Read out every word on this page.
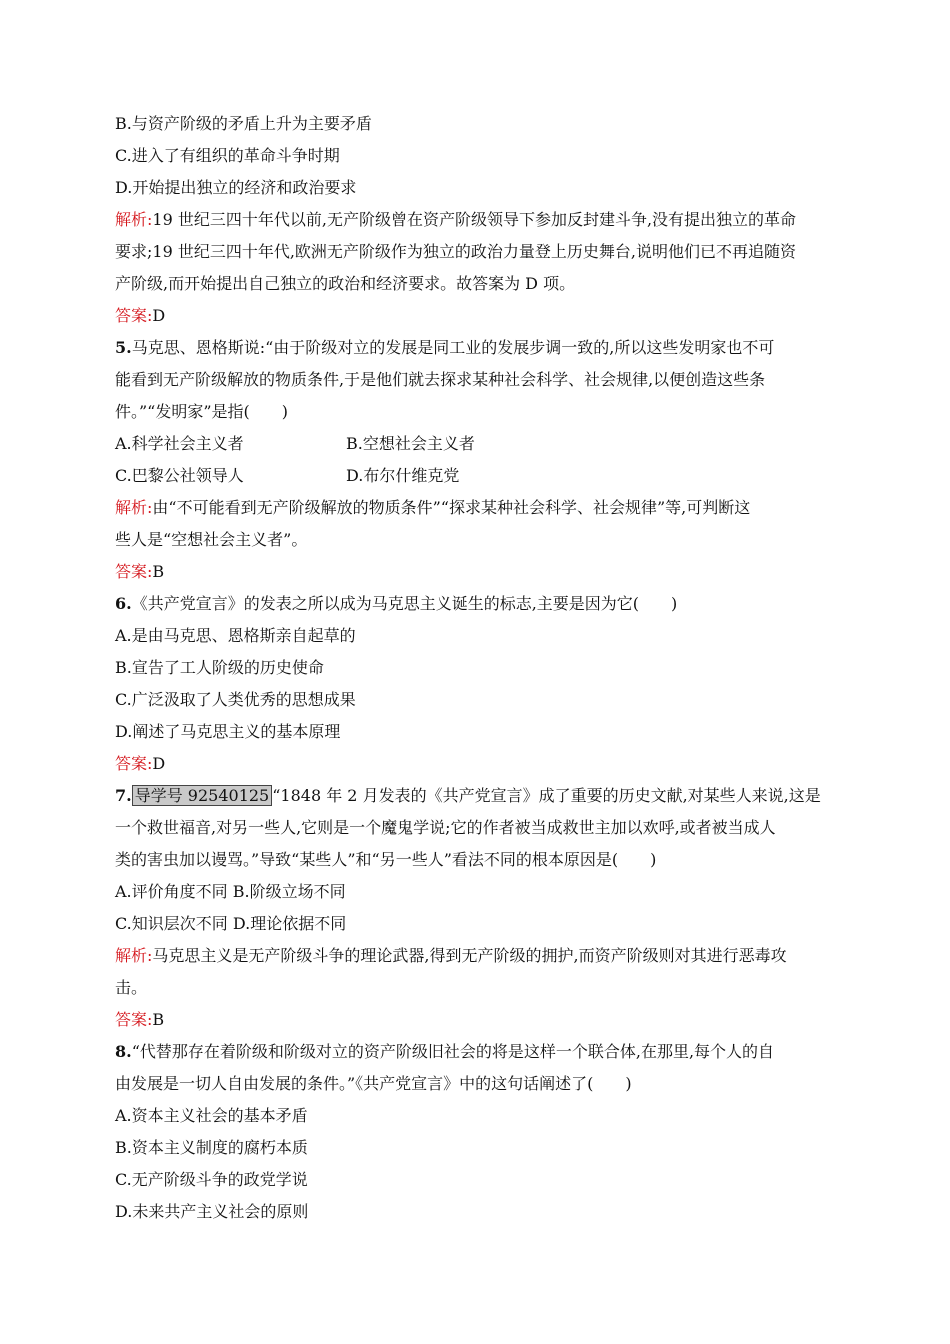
B.与资产阶级的矛盾上升为主要矛盾
C.进入了有组织的革命斗争时期
D.开始提出独立的经济和政治要求
解析:19 世纪三四十年代以前,无产阶级曾在资产阶级领导下参加反封建斗争,没有提出独立的革命
要求;19 世纪三四十年代,欧洲无产阶级作为独立的政治力量登上历史舞台,说明他们已不再追随资
产阶级,而开始提出自己独立的政治和经济要求。故答案为 D 项。
答案:D
5.马克思、恩格斯说:“由于阶级对立的发展是同工业的发展步调一致的,所以这些发明家也不可
能看到无产阶级解放的物质条件,于是他们就去探求某种社会科学、社会规律,以便创造这些条
件。”“发明家”是指(　　)
A.科学社会主义者	B.空想社会主义者
C.巴黎公社领导人	D.布尔什维克党
解析:由“不可能看到无产阶级解放的物质条件”“探求某种社会科学、社会规律”等,可判断这
些人是“空想社会主义者”。
答案:B
6.《共产党宣言》的发表之所以成为马克思主义诞生的标志,主要是因为它(　　)
A.是由马克思、恩格斯亲自起草的
B.宣告了工人阶级的历史使命
C.广泛汲取了人类优秀的思想成果
D.阐述了马克思主义的基本原理
答案:D
7. 导学号 92540125 “1848 年 2 月发表的《共产党宣言》成了重要的历史文献,对某些人来说,这是
一个救世福音,对另一些人,它则是一个魔鬼学说;它的作者被当成救世主加以欢呼,或者被当成人
类的害虫加以谩骂。”导致“某些人”和“另一些人”看法不同的根本原因是(　　)
A.评价角度不同 B.阶级立场不同
C.知识层次不同 D.理论依据不同
解析:马克思主义是无产阶级斗争的理论武器,得到无产阶级的拥护,而资产阶级则对其进行恶毒攻
击。
答案:B
8.“代替那存在着阶级和阶级对立的资产阶级旧社会的将是这样一个联合体,在那里,每个人的自
由发展是一切人自由发展的条件。”《共产党宣言》中的这句话阐述了(　　)
A.资本主义社会的基本矛盾
B.资本主义制度的腐朽本质
C.无产阶级斗争的政党学说
D.未来共产主义社会的原则
